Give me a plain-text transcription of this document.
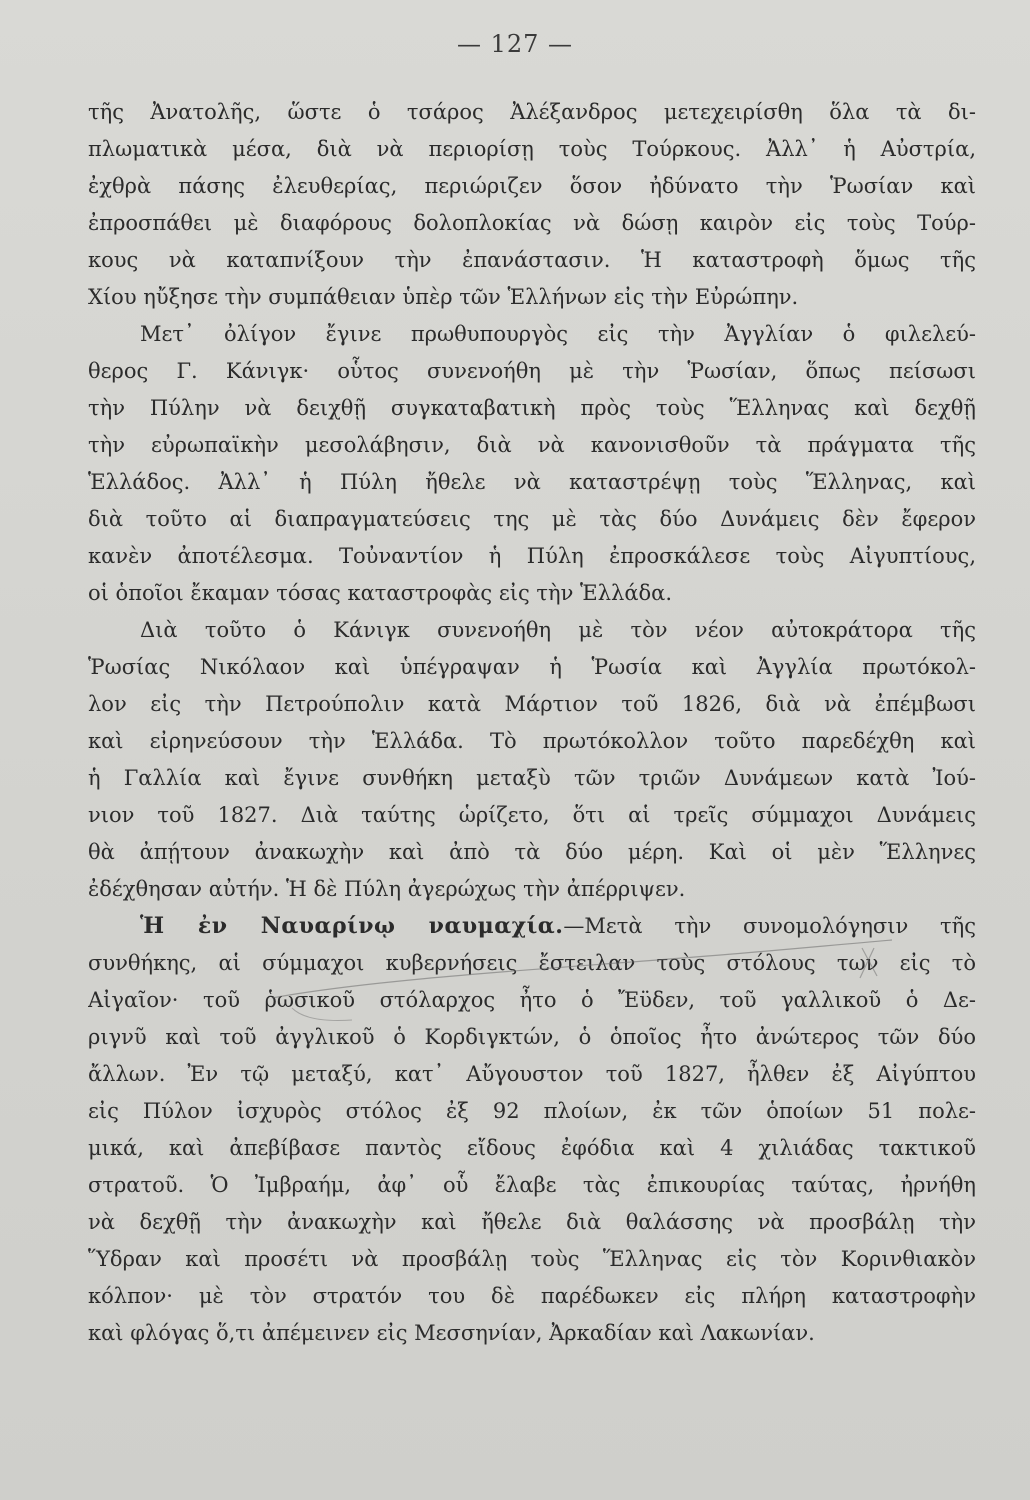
— 127 —
τῆς Ἀνατολῆς, ὥστε ὁ τσάρος Ἀλέξανδρος μετεχειρίσθη ὅλα τὰ δι-
πλωματικὰ μέσα, διὰ νὰ περιορίσῃ τοὺς Τούρκους. Ἀλλ᾽ ἡ Αὐστρία,
ἐχθρὰ πάσης ἐλευθερίας, περιώριζεν ὅσον ἠδύνατο τὴν Ῥωσίαν καὶ
ἐπροσπάθει μὲ διαφόρους δολοπλοκίας νὰ δώσῃ καιρὸν εἰς τοὺς Τούρ-
κους νὰ καταπνίξουν τὴν ἐπανάστασιν. Ἡ καταστροφὴ ὅμως τῆς
Χίου ηὔξησε τὴν συμπάθειαν ὑπὲρ τῶν Ἑλλήνων εἰς τὴν Εὐρώπην.
Μετ᾽ ὀλίγον ἔγινε πρωθυπουργὸς εἰς τὴν Ἀγγλίαν ὁ φιλελεύ-
θερος Γ. Κάνιγκ· οὗτος συνενοήθη μὲ τὴν Ῥωσίαν, ὅπως πείσωσι
τὴν Πύλην νὰ δειχθῇ συγκαταβατικὴ πρὸς τοὺς Ἕλληνας καὶ δεχθῇ
τὴν εὐρωπαϊκὴν μεσολάβησιν, διὰ νὰ κανονισθοῦν τὰ πράγματα τῆς
Ἑλλάδος. Ἀλλ᾽ ἡ Πύλη ἤθελε νὰ καταστρέψῃ τοὺς Ἕλληνας, καὶ
διὰ τοῦτο αἱ διαπραγματεύσεις της μὲ τὰς δύο Δυνάμεις δὲν ἔφερον
κανὲν ἀποτέλεσμα. Τοὐναντίον ἡ Πύλη ἐπροσκάλεσε τοὺς Αἰγυπτίους,
οἱ ὁποῖοι ἔκαμαν τόσας καταστροφὰς εἰς τὴν Ἑλλάδα.
Διὰ τοῦτο ὁ Κάνιγκ συνενοήθη μὲ τὸν νέον αὐτοκράτορα τῆς
Ῥωσίας Νικόλαον καὶ ὑπέγραψαν ἡ Ῥωσία καὶ Ἀγγλία πρωτόκολ-
λον εἰς τὴν Πετρούπολιν κατὰ Μάρτιον τοῦ 1826, διὰ νὰ ἐπέμβωσι
καὶ εἰρηνεύσουν τὴν Ἑλλάδα. Τὸ πρωτόκολλον τοῦτο παρεδέχθη καὶ
ἡ Γαλλία καὶ ἔγινε συνθήκη μεταξὺ τῶν τριῶν Δυνάμεων κατὰ Ἰού-
νιον τοῦ 1827. Διὰ ταύτης ὡρίζετο, ὅτι αἱ τρεῖς σύμμαχοι Δυνάμεις
θὰ ἀπῄτουν ἀνακωχὴν καὶ ἀπὸ τὰ δύο μέρη. Καὶ οἱ μὲν Ἕλληνες
ἐδέχθησαν αὐτήν. Ἡ δὲ Πύλη ἀγερώχως τὴν ἀπέρριψεν.
Ἡ ἐν Ναυαρίνῳ ναυμαχία.—Μετὰ τὴν συνομολόγησιν τῆς
συνθήκης, αἱ σύμμαχοι κυβερνήσεις ἔστειλαν τοὺς στόλους των εἰς τὸ
Αἰγαῖον· τοῦ ῥωσικοῦ στόλαρχος ἦτο ὁ Ἔϋδεν, τοῦ γαλλικοῦ ὁ Δε-
ριγνῦ καὶ τοῦ ἀγγλικοῦ ὁ Κορδιγκτών, ὁ ὁποῖος ἦτο ἀνώτερος τῶν δύο
ἄλλων. Ἐν τῷ μεταξύ, κατ᾽ Αὔγουστον τοῦ 1827, ἦλθεν ἐξ Αἰγύπτου
εἰς Πύλον ἰσχυρὸς στόλος ἐξ 92 πλοίων, ἐκ τῶν ὁποίων 51 πολε-
μικά, καὶ ἀπεβίβασε παντὸς εἴδους ἐφόδια καὶ 4 χιλιάδας τακτικοῦ
στρατοῦ. Ὁ Ἰμβραήμ, ἀφ᾽ οὗ ἔλαβε τὰς ἐπικουρίας ταύτας, ἠρνήθη
νὰ δεχθῇ τὴν ἀνακωχὴν καὶ ἤθελε διὰ θαλάσσης νὰ προσβάλῃ τὴν
Ὕδραν καὶ προσέτι νὰ προσβάλῃ τοὺς Ἕλληνας εἰς τὸν Κορινθιακὸν
κόλπον· μὲ τὸν στρατόν του δὲ παρέδωκεν εἰς πλήρη καταστροφὴν
καὶ φλόγας ὅ,τι ἀπέμεινεν εἰς Μεσσηνίαν, Ἀρκαδίαν καὶ Λακωνίαν.
